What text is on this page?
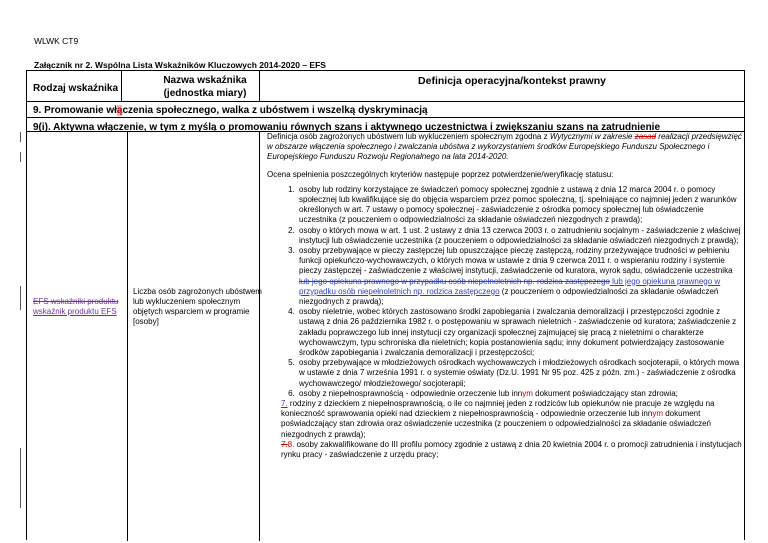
WLWK CT9
Załącznik nr 2. Wspólna Lista Wskaźników Kluczowych 2014-2020 – EFS
Rodzaj wskaźnika
Nazwa wskaźnika (jednostka miary)
Definicja operacyjna/kontekst prawny
9. Promowanie włączenia społecznego, walka z ubóstwem i wszelką dyskryminacją
9(i). Aktywna włączenie, w tym z myślą o promowaniu równych szans i aktywnego uczestnictwa i zwiększaniu szans na zatrudnienie
EFS wskaźniki produktu wskaźnik produktu EFS
Liczba osób zagrożonych ubóstwem lub wykluczeniem społecznym objętych wsparciem w programie [osoby]
Definicja osób zagrożonych ubóstwem lub wykluczeniem społecznym zgodna z Wytycznymi w zakresie zasad realizacji przedsięwzięć w obszarze włączenia społecznego i zwalczania ubóstwa z wykorzystaniem środków Europejskiego Funduszu Społecznego i Europejskiego Funduszu Rozwoju Regionalnego na lata 2014-2020.
Ocena spełnienia poszczególnych kryteriów następuje poprzez potwierdzenie/weryfikację statusu:
1. osoby lub rodziny korzystające ze świadczeń pomocy społecznej zgodnie z ustawą z dnia 12 marca 2004 r. o pomocy społecznej lub kwalifikujące się do objęcia wsparciem przez pomoc społeczną, tj. spełniające co najmniej jeden z warunków określonych w art. 7 ustawy o pomocy społecznej - zaświadczenie z ośrodka pomocy społecznej lub oświadczenie uczestnika (z pouczeniem o odpowiedzialności za składanie oświadczeń niezgodnych z prawdą);
2. osoby o których mowa w art. 1 ust. 2 ustawy z dnia 13 czerwca 2003 r. o zatrudnieniu socjalnym - zaświadczenie z właściwej instytucji lub oświadczenie uczestnika (z pouczeniem o odpowiedzialności za składanie oświadczeń niezgodnych z prawdą);
3. osoby przebywające w pieczy zastępczej lub opuszczające pieczę zastępczą, rodziny przeżywające trudności w pełnieniu funkcji opiekuńczo-wychowawczych, o których mowa w ustawie z dnia 9 czerwca 2011 r. o wspieraniu rodziny i systemie pieczy zastępczej - zaświadczenie z właściwej instytucji, zaświadczenie od kuratora, wyrok sądu, oświadczenie uczestnika lub jego opiekuna prawnego w przypadku osób niepełnoletnich np. rodzica zastępczego lub jego opiekuna prawnego w przypadku osób niepełnoletnich np. rodzica zastępczego (z pouczeniem o odpowiedzialności za składanie oświadczeń niezgodnych z prawdą);
4. osoby nieletnie, wobec których zastosowano środki zapobiegania i zwalczania demoralizacji i przestępczości zgodnie z ustawą z dnia 26 października 1982 r. o postępowaniu w sprawach nieletnich - zaświadczenie od kuratora; zaświadczenie z zakładu poprawczego lub innej instytucji czy organizacji społecznej zajmującej się pracą z nieletnimi o charakterze wychowawczym, typu schroniska dla nieletnich; kopia postanowienia sądu; inny dokument potwierdzający zastosowanie środków zapobiegania i zwalczania demoralizacji i przestępczości;
5. osoby przebywające w młodzieżowych ośrodkach wychowawczych i młodzieżowych ośrodkach socjoterapii, o których mowa w ustawie z dnia 7 września 1991 r. o systemie oświaty (Dz.U. 1991 Nr 95 poz. 425 z późn. zm.) - zaświadczenie z ośrodka wychowawczego/ młodzieżowego/ socjoterapii;
6. osoby z niepełnosprawnością - odpowiednie orzeczenie lub innym dokument poświadczający stan zdrowia;
7. rodziny z dzieckiem z niepełnosprawnością, o ile co najmniej jeden z rodziców lub opiekunów nie pracuje ze względu na konieczność sprawowania opieki nad dzieckiem z niepełnosprawnością - odpowiednie orzeczenie lub innym dokument poświadczający stan zdrowia oraz oświadczenie uczestnika (z pouczeniem o odpowiedzialności za składanie oświadczeń niezgodnych z prawdą);
7.8. osoby zakwalifikowane do III profilu pomocy zgodnie z ustawą z dnia 20 kwietnia 2004 r. o promocji zatrudnienia i instytucjach rynku pracy - zaświadczenie z urzędu pracy;
